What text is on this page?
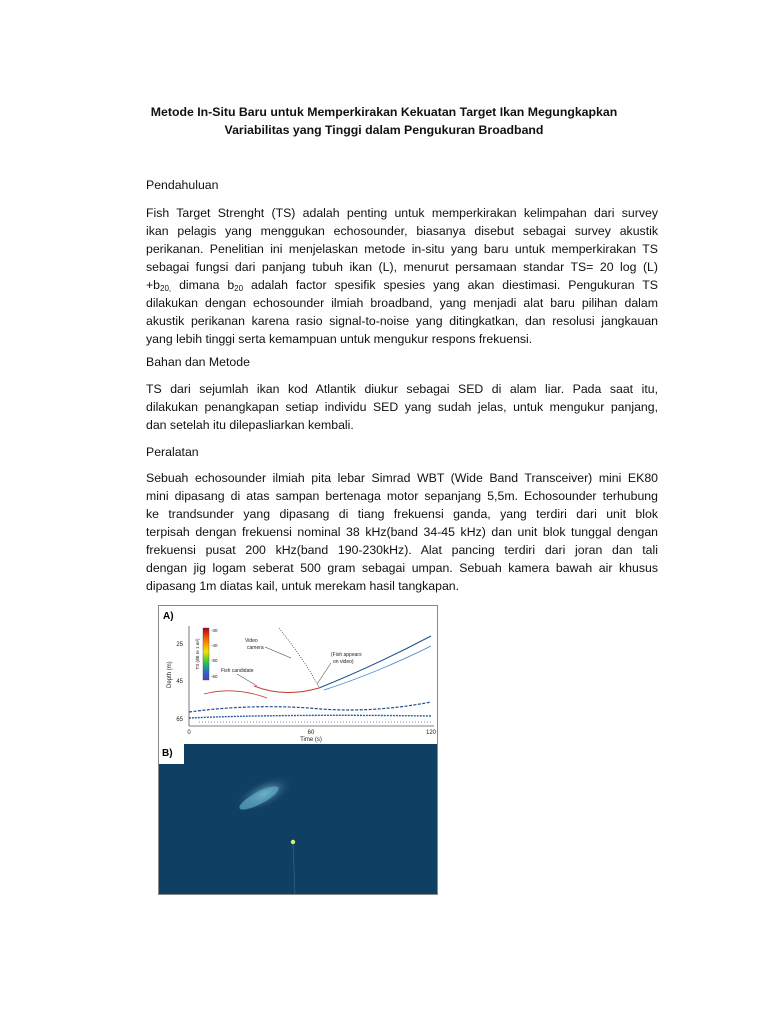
Metode In-Situ Baru untuk Memperkirakan Kekuatan Target Ikan Megungkapkan
Variabilitas yang Tinggi dalam Pengukuran Broadband
Pendahuluan
Fish Target Strenght (TS) adalah penting untuk memperkirakan kelimpahan dari survey
ikan pelagis yang menggukan echosounder, biasanya disebut sebagai survey akustik
perikanan. Penelitian ini menjelaskan metode in-situ yang baru untuk memperkirakan TS
sebagai fungsi dari panjang tubuh ikan (L), menurut persamaan standar TS= 20 log (L)
$+b_{20,}$ dimana $b_{20}$ adalah factor spesifik spesies yang akan diestimasi. Pengukuran TS
dilakukan dengan echosounder ilmiah broadband, yang menjadi alat baru pilihan dalam
akustik perikanan karena rasio signal-to-noise yang ditingkatkan, dan resolusi jangkauan
yang lebih tinggi serta kemampuan untuk mengukur respons frekuensi.
Bahan dan Metode
TS dari sejumlah ikan kod Atlantik diukur sebagai SED di alam liar. Pada saat itu,
dilakukan penangkapan setiap individu SED yang sudah jelas, untuk mengukur panjang,
dan setelah itu dilepasliarkan kembali.
Peralatan
Sebuah echosounder ilmiah pita lebar Simrad WBT (Wide Band Transceiver) mini EK80
mini dipasang di atas sampan bertenaga motor sepanjang 5,5m. Echosounder terhubung
ke trandsunder yang dipasang di tiang frekuensi ganda, yang terdiri dari unit blok
terpisah dengan frekuensi nominal 38 kHz(band 34-45 kHz) dan unit blok tunggal dengan
frekuensi pusat 200 kHz(band 190-230kHz). Alat pancing terdiri dari joran dan tali
dengan jig logam seberat 500 gram sebagai umpan. Sebuah kamera bawah air khusus
dipasang 1m diatas kail, untuk merekam hasil tangkapan.
A)
Depth (m)
25
45
65
0	60	120
Time (s)
TS (dB re 1 m²)
-30
-40
-50
-60
Video
camera
(Fish appears
on video)
Fish candidate
B)
